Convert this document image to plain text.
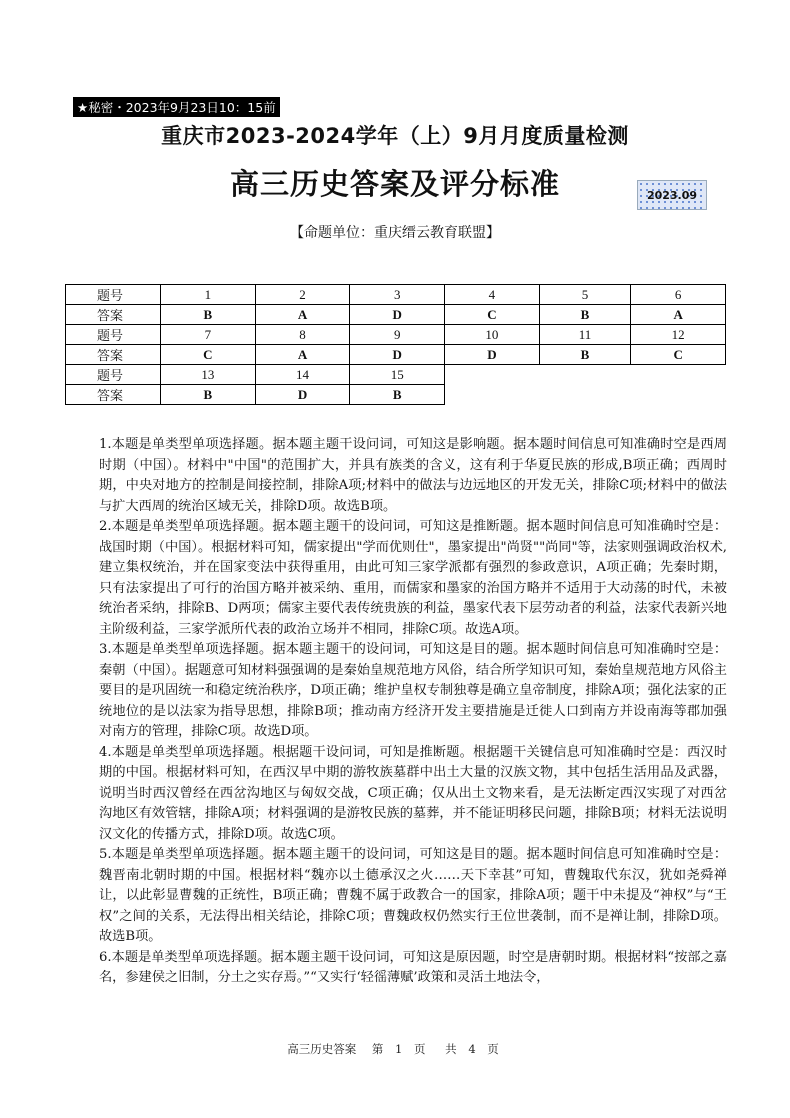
★秘密・2023年9月23日10：15前
重庆市2023-2024学年（上）9月月度质量检测
高三历史答案及评分标准	2023.09
【命题单位：重庆缙云教育联盟】
题号	1	2	3	4	5	6
答案	B	A	D	C	B	A
题号	7	8	9	10	11	12
答案	C	A	D	D	B	C
题号	13	14	15			
答案	B	D	B			

1.本题是单类型单项选择题。据本题主题干设问词，可知这是影响题。据本题时间信息可知准确时空是西周时期（中国）。材料中"中国"的范围扩大，并具有族类的含义，这有利于华夏民族的形成,B项正确；西周时期，中央对地方的控制是间接控制，排除A项;材料中的做法与边远地区的开发无关，排除C项;材料中的做法与扩大西周的统治区域无关，排除D项。故选B项。

2.本题是单类型单项选择题。据本题主题干的设问词，可知这是推断题。据本题时间信息可知准确时空是：战国时期（中国）。根据材料可知，儒家提出"学而优则仕"，墨家提出"尚贤""尚同"等，法家则强调政治权术,建立集权统治，并在国家变法中获得重用，由此可知三家学派都有强烈的参政意识，A项正确；先秦时期，只有法家提出了可行的治国方略并被采纳、重用，而儒家和墨家的治国方略并不适用于大动荡的时代，未被统治者采纳，排除B、D两项；儒家主要代表传统贵族的利益，墨家代表下层劳动者的利益，法家代表新兴地主阶级利益，三家学派所代表的政治立场并不相同，排除C项。故选A项。

3.本题是单类型单项选择题。据本题主题干的设问词，可知这是目的题。据本题时间信息可知准确时空是：秦朝（中国）。据题意可知材料强强调的是秦始皇规范地方风俗，结合所学知识可知，秦始皇规范地方风俗主要目的是巩固统一和稳定统治秩序，D项正确；维护皇权专制独尊是确立皇帝制度，排除A项；强化法家的正统地位的是以法家为指导思想，排除B项；推动南方经济开发主要措施是迁徙人口到南方并设南海等郡加强对南方的管理，排除C项。故选D项。

4.本题是单类型单项选择题。根据题干设问词，可知是推断题。根据题干关键信息可知准确时空是：西汉时期的中国。根据材料可知，在西汉早中期的游牧族墓群中出土大量的汉族文物，其中包括生活用品及武器，说明当时西汉曾经在西岔沟地区与匈奴交战，C项正确；仅从出土文物来看，是无法断定西汉实现了对西岔沟地区有效管辖，排除A项；材料强调的是游牧民族的墓葬，并不能证明移民问题，排除B项；材料无法说明汉文化的传播方式，排除D项。故选C项。

5.本题是单类型单项选择题。据本题主题干的设问词，可知这是目的题。据本题时间信息可知准确时空是：魏晋南北朝时期的中国。根据材料“魏亦以土德承汉之火……天下幸甚”可知，曹魏取代东汉，犹如尧舜禅让，以此彰显曹魏的正统性，B项正确；曹魏不属于政教合一的国家，排除A项；题干中未提及“神权”与“王权”之间的关系，无法得出相关结论，排除C项；曹魏政权仍然实行王位世袭制，而不是禅让制，排除D项。故选B项。

6.本题是单类型单项选择题。据本题主题干设问词，可知这是原因题，时空是唐朝时期。根据材料“按部之嘉名，参建侯之旧制，分土之实存焉。”“又实行‘轻徭薄赋’政策和灵活土地法令，

高三历史答案 第 1 页 共 4 页
